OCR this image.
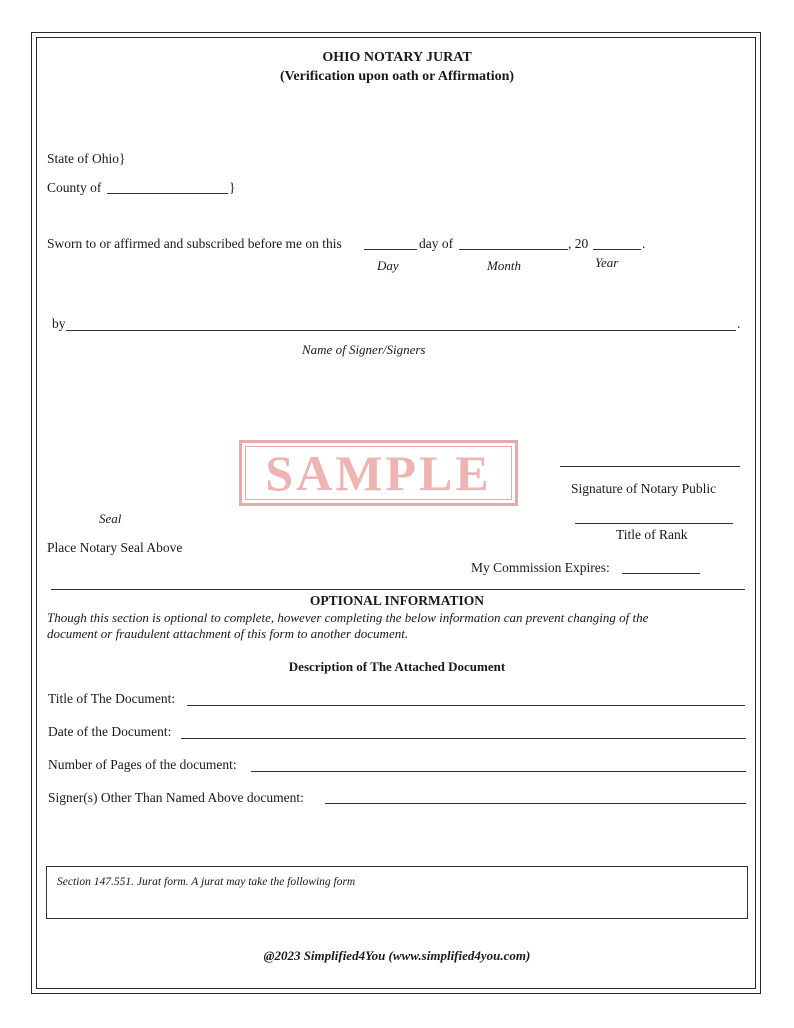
OHIO NOTARY JURAT
(Verification upon oath or Affirmation)
State of Ohio}
County of	}
Sworn to or affirmed and subscribed before me on this	day of	, 20	.
Day	Month	Year
by	.
Name of Signer/Signers
SAMPLE	Signature of Notary Public
Title of Rank
Seal
Place Notary Seal Above
My Commission Expires:
OPTIONAL INFORMATION
Though this section is optional to complete, however completing the below information can prevent changing of the
document or fraudulent attachment of this form to another document.
Description of The Attached Document
Title of The Document:
Date of the Document:
Number of Pages of the document:
Signer(s) Other Than Named Above document:
Section 147.551. Jurat form. A jurat may take the following form
@2023 Simplified4You (www.simplified4you.com)
